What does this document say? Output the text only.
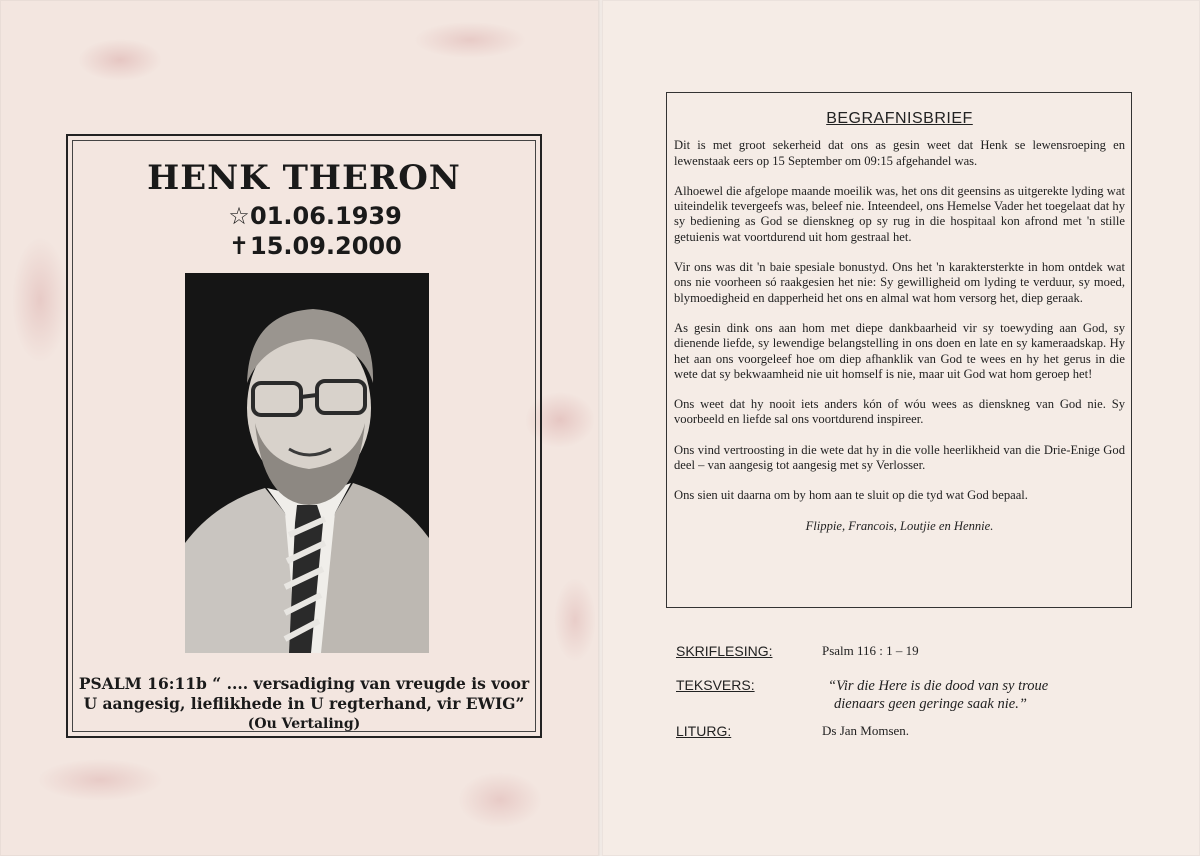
HENK THERON
☆01.06.1939
✝15.09.2000
PSALM 16:11b “ .... versadiging van vreugde is voor
U aangesig, lieflikhede in U regterhand, vir EWIG”
(Ou Vertaling)
BEGRAFNISBRIEF

Dit is met groot sekerheid dat ons as gesin weet dat Henk se lewensroeping en lewenstaak eers op 15 September om 09:15 afgehandel was.

Alhoewel die afgelope maande moeilik was, het ons dit geensins as uitgerekte lyding wat uiteindelik tevergeefs was, beleef nie. Inteendeel, ons Hemelse Vader het toegelaat dat hy sy bediening as God se dienskneg op sy rug in die hospitaal kon afrond met 'n stille getuienis wat voortdurend uit hom gestraal het.

Vir ons was dit 'n baie spesiale bonustyd. Ons het 'n karaktersterkte in hom ontdek wat ons nie voorheen só raakgesien het nie: Sy gewilligheid om lyding te verduur, sy moed, blymoedigheid en dapperheid het ons en almal wat hom versorg het, diep geraak.

As gesin dink ons aan hom met diepe dankbaarheid vir sy toewyding aan God, sy dienende liefde, sy lewendige belangstelling in ons doen en late en sy kameraadskap. Hy het aan ons voorgeleef hoe om diep afhanklik van God te wees en hy het gerus in die wete dat sy bekwaamheid nie uit homself is nie, maar uit God wat hom geroep het!

Ons weet dat hy nooit iets anders kón of wóu wees as dienskneg van God nie. Sy voorbeeld en liefde sal ons voortdurend inspireer.

Ons vind vertroosting in die wete dat hy in die volle heerlikheid van die Drie-Enige God deel – van aangesig tot aangesig met sy Verlosser.

Ons sien uit daarna om by hom aan te sluit op die tyd wat God bepaal.

Flippie, Francois, Loutjie en Hennie.
SKRIFLESING:	Psalm 116 : 1 – 19
TEKSVERS:	“Vir die Here is die dood van sy troue
dienaars geen geringe saak nie.”
LITURG:	Ds Jan Momsen.
